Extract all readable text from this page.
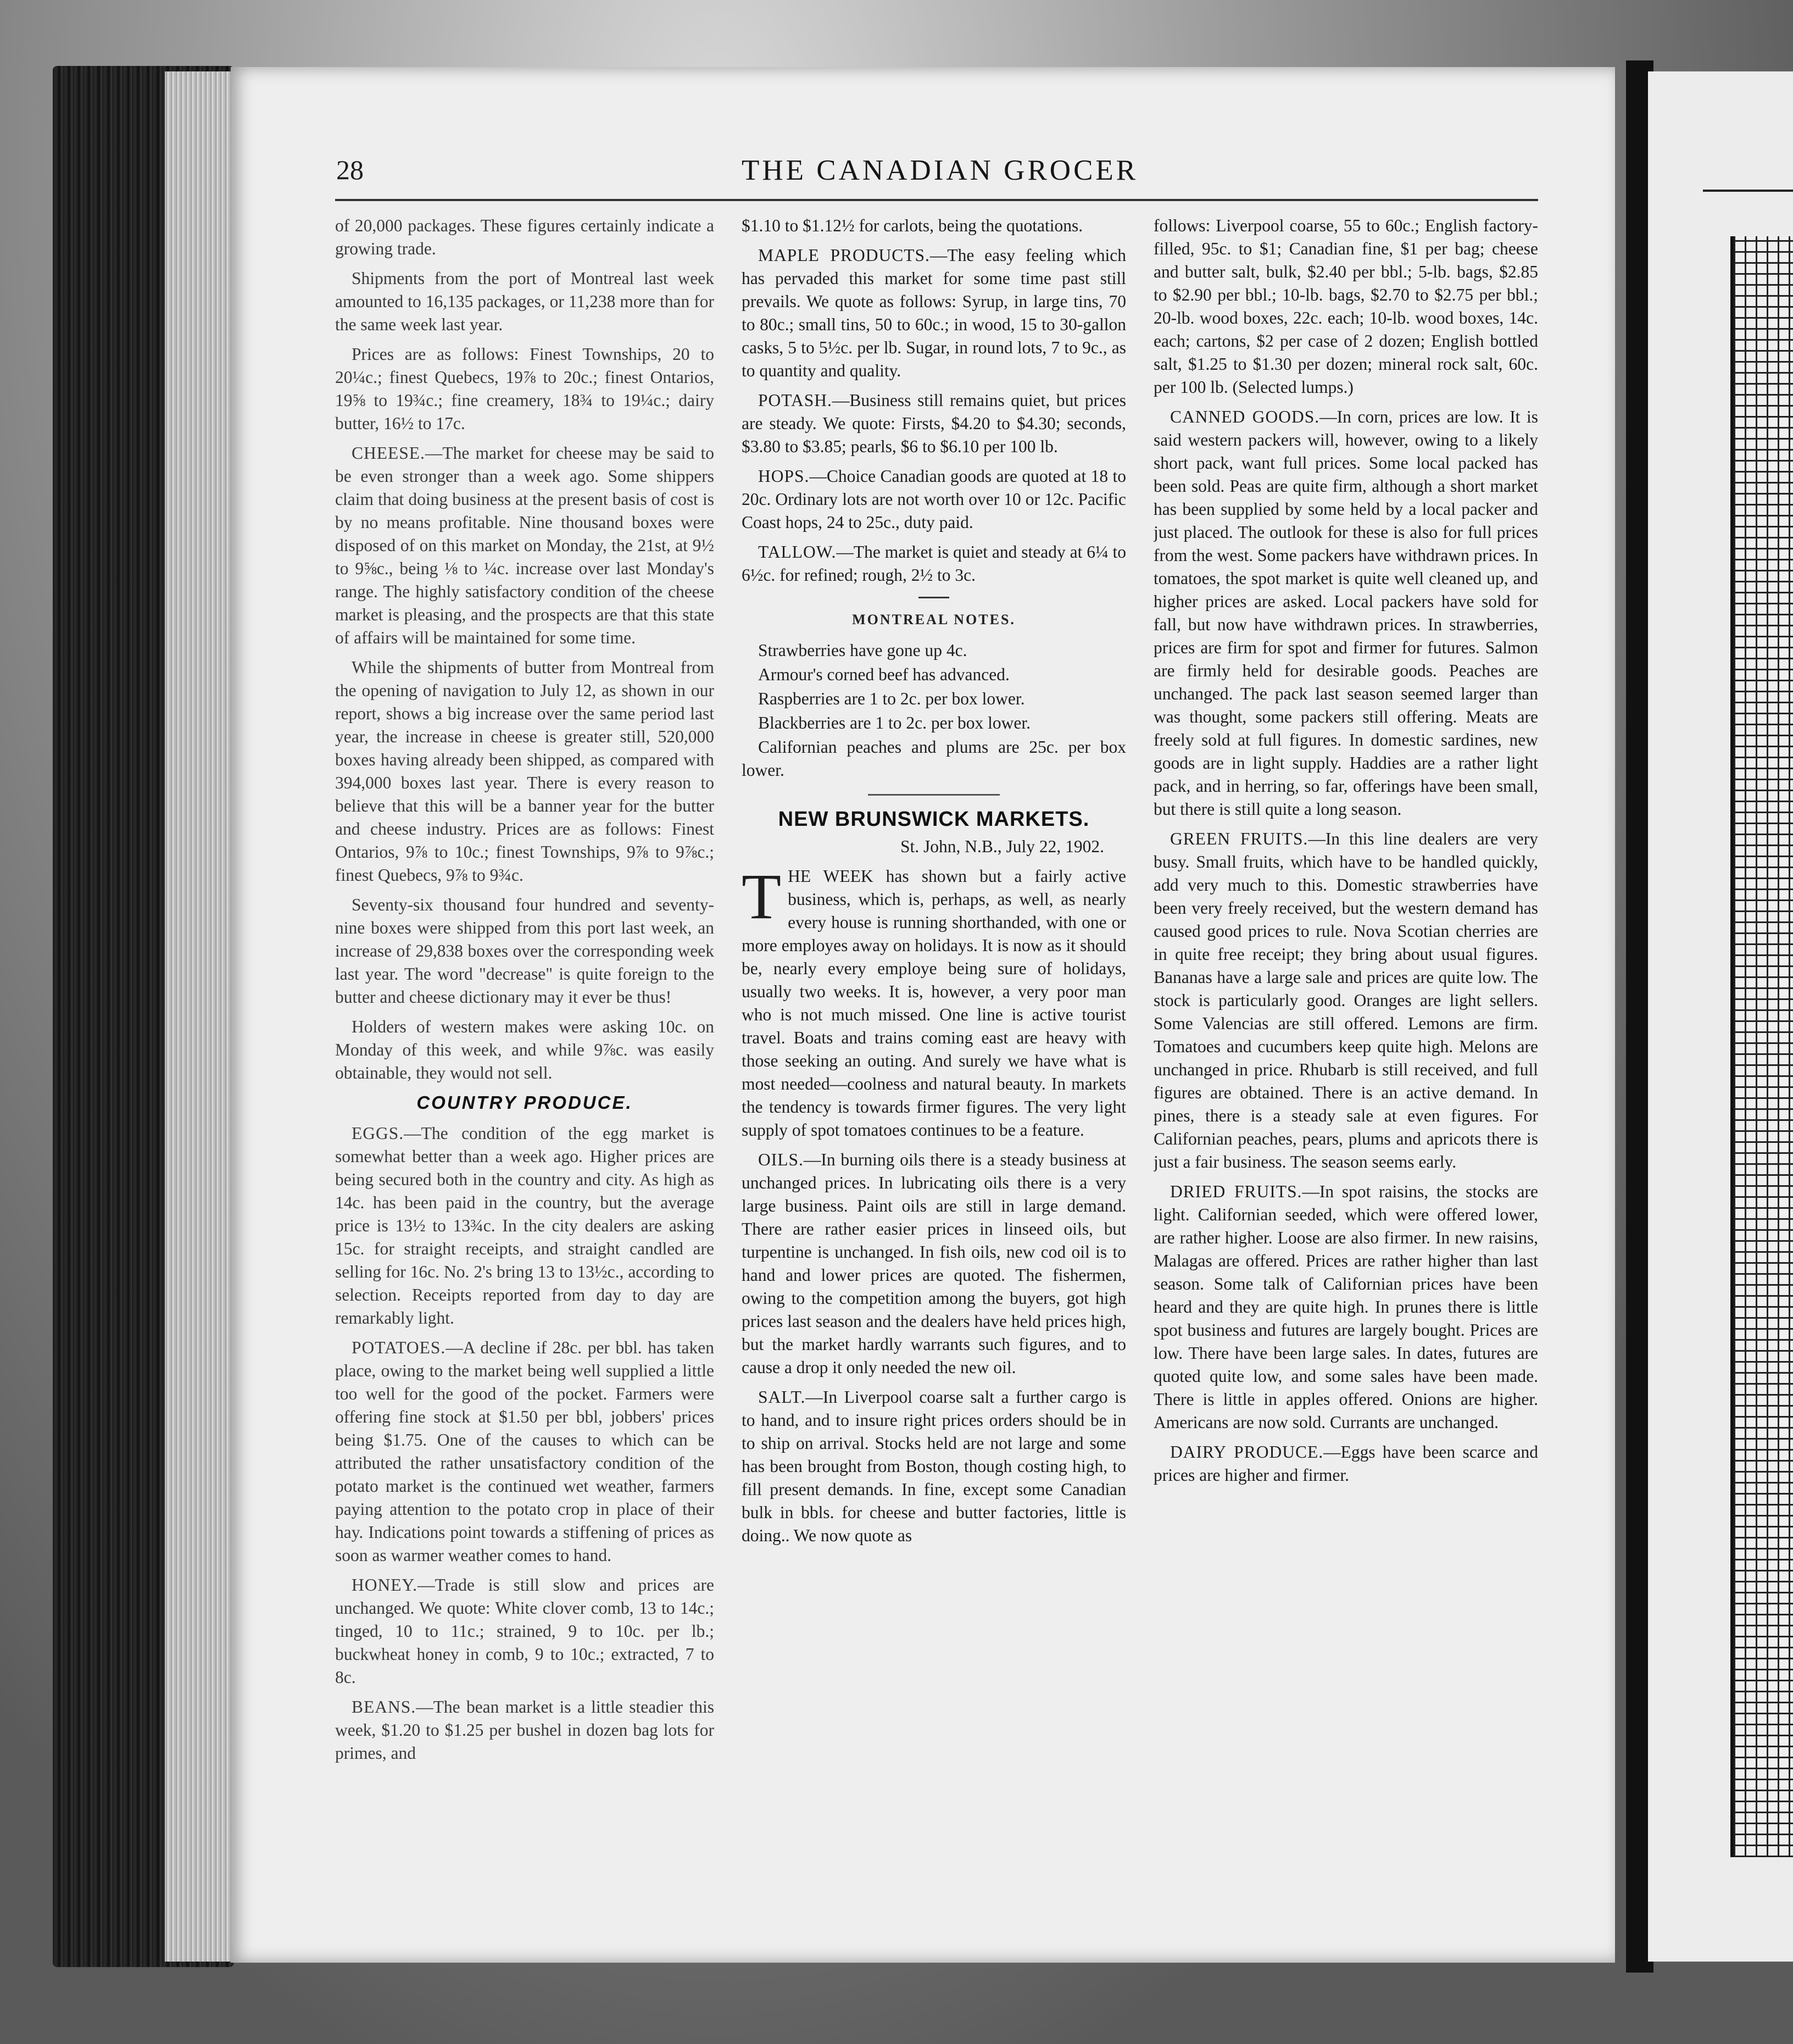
28	THE CANADIAN GROCER

of 20,000 packages. These figures certainly indicate a growing trade.

Shipments from the port of Montreal last week amounted to 16,135 packages, or 11,238 more than for the same week last year.

Prices are as follows: Finest Townships, 20 to 20¼c.; finest Quebecs, 19⅞ to 20c.; finest Ontarios, 19⅝ to 19¾c.; fine creamery, 18¾ to 19¼c.; dairy butter, 16½ to 17c.

CHEESE.—The market for cheese may be said to be even stronger than a week ago. Some shippers claim that doing business at the present basis of cost is by no means profitable. Nine thousand boxes were disposed of on this market on Monday, the 21st, at 9½ to 9⅝c., being ⅛ to ¼c. increase over last Monday's range. The highly satisfactory condition of the cheese market is pleasing, and the prospects are that this state of affairs will be maintained for some time.

While the shipments of butter from Montreal from the opening of navigation to July 12, as shown in our report, shows a big increase over the same period last year, the increase in cheese is greater still, 520,000 boxes having already been shipped, as compared with 394,000 boxes last year. There is every reason to believe that this will be a banner year for the butter and cheese industry. Prices are as follows: Finest Ontarios, 9⅞ to 10c.; finest Townships, 9⅞ to 9⅞c.; finest Quebecs, 9⅞ to 9¾c.

Seventy-six thousand four hundred and seventy-nine boxes were shipped from this port last week, an increase of 29,838 boxes over the corresponding week last year. The word "decrease" is quite foreign to the butter and cheese dictionary may it ever be thus!

Holders of western makes were asking 10c. on Monday of this week, and while 9⅞c. was easily obtainable, they would not sell.

COUNTRY PRODUCE.

EGGS.—The condition of the egg market is somewhat better than a week ago. Higher prices are being secured both in the country and city. As high as 14c. has been paid in the country, but the average price is 13½ to 13¾c. In the city dealers are asking 15c. for straight receipts, and straight candled are selling for 16c. No. 2's bring 13 to 13½c., according to selection. Receipts reported from day to day are remarkably light.

POTATOES.—A decline if 28c. per bbl. has taken place, owing to the market being well supplied a little too well for the good of the pocket. Farmers were offering fine stock at $1.50 per bbl, jobbers' prices being $1.75. One of the causes to which can be attributed the rather unsatisfactory condition of the potato market is the continued wet weather, farmers paying attention to the potato crop in place of their hay. Indications point towards a stiffening of prices as soon as warmer weather comes to hand.

HONEY.—Trade is still slow and prices are unchanged. We quote: White clover comb, 13 to 14c.; tinged, 10 to 11c.; strained, 9 to 10c. per lb.; buckwheat honey in comb, 9 to 10c.; extracted, 7 to 8c.

BEANS.—The bean market is a little steadier this week, $1.20 to $1.25 per bushel in dozen bag lots for primes, and

$1.10 to $1.12½ for carlots, being the quotations.

MAPLE PRODUCTS.—The easy feeling which has pervaded this market for some time past still prevails. We quote as follows: Syrup, in large tins, 70 to 80c.; small tins, 50 to 60c.; in wood, 15 to 30-gallon casks, 5 to 5½c. per lb. Sugar, in round lots, 7 to 9c., as to quantity and quality.

POTASH.—Business still remains quiet, but prices are steady. We quote: Firsts, $4.20 to $4.30; seconds, $3.80 to $3.85; pearls, $6 to $6.10 per 100 lb.

HOPS.—Choice Canadian goods are quoted at 18 to 20c. Ordinary lots are not worth over 10 or 12c. Pacific Coast hops, 24 to 25c., duty paid.

TALLOW.—The market is quiet and steady at 6¼ to 6½c. for refined; rough, 2½ to 3c.

MONTREAL NOTES.

Strawberries have gone up 4c.

Armour's corned beef has advanced.

Raspberries are 1 to 2c. per box lower.

Blackberries are 1 to 2c. per box lower.

Californian peaches and plums are 25c. per box lower.

NEW BRUNSWICK MARKETS.

St. John, N.B., July 22, 1902.

THE WEEK has shown but a fairly active business, which is, perhaps, as well, as nearly every house is running shorthanded, with one or more employes away on holidays. It is now as it should be, nearly every employe being sure of holidays, usually two weeks. It is, however, a very poor man who is not much missed. One line is active tourist travel. Boats and trains coming east are heavy with those seeking an outing. And surely we have what is most needed—coolness and natural beauty. In markets the tendency is towards firmer figures. The very light supply of spot tomatoes continues to be a feature.

OILS.—In burning oils there is a steady business at unchanged prices. In lubricating oils there is a very large business. Paint oils are still in large demand. There are rather easier prices in linseed oils, but turpentine is unchanged. In fish oils, new cod oil is to hand and lower prices are quoted. The fishermen, owing to the competition among the buyers, got high prices last season and the dealers have held prices high, but the market hardly warrants such figures, and to cause a drop it only needed the new oil.

SALT.—In Liverpool coarse salt a further cargo is to hand, and to insure right prices orders should be in to ship on arrival. Stocks held are not large and some has been brought from Boston, though costing high, to fill present demands. In fine, except some Canadian bulk in bbls. for cheese and butter factories, little is doing.. We now quote as

follows: Liverpool coarse, 55 to 60c.; English factory-filled, 95c. to $1; Canadian fine, $1 per bag; cheese and butter salt, bulk, $2.40 per bbl.; 5-lb. bags, $2.85 to $2.90 per bbl.; 10-lb. bags, $2.70 to $2.75 per bbl.; 20-lb. wood boxes, 22c. each; 10-lb. wood boxes, 14c. each; cartons, $2 per case of 2 dozen; English bottled salt, $1.25 to $1.30 per dozen; mineral rock salt, 60c. per 100 lb. (Selected lumps.)

CANNED GOODS.—In corn, prices are low. It is said western packers will, however, owing to a likely short pack, want full prices. Some local packed has been sold. Peas are quite firm, although a short market has been supplied by some held by a local packer and just placed. The outlook for these is also for full prices from the west. Some packers have withdrawn prices. In tomatoes, the spot market is quite well cleaned up, and higher prices are asked. Local packers have sold for fall, but now have withdrawn prices. In strawberries, prices are firm for spot and firmer for futures. Salmon are firmly held for desirable goods. Peaches are unchanged. The pack last season seemed larger than was thought, some packers still offering. Meats are freely sold at full figures. In domestic sardines, new goods are in light supply. Haddies are a rather light pack, and in herring, so far, offerings have been small, but there is still quite a long season.

GREEN FRUITS.—In this line dealers are very busy. Small fruits, which have to be handled quickly, add very much to this. Domestic strawberries have been very freely received, but the western demand has caused good prices to rule. Nova Scotian cherries are in quite free receipt; they bring about usual figures. Bananas have a large sale and prices are quite low. The stock is particularly good. Oranges are light sellers. Some Valencias are still offered. Lemons are firm. Tomatoes and cucumbers keep quite high. Melons are unchanged in price. Rhubarb is still received, and full figures are obtained. There is an active demand. In pines, there is a steady sale at even figures. For Californian peaches, pears, plums and apricots there is just a fair business. The season seems early.

DRIED FRUITS.—In spot raisins, the stocks are light. Californian seeded, which were offered lower, are rather higher. Loose are also firmer. In new raisins, Malagas are offered. Prices are rather higher than last season. Some talk of Californian prices have been heard and they are quite high. In prunes there is little spot business and futures are largely bought. Prices are low. There have been large sales. In dates, futures are quoted quite low, and some sales have been made. There is little in apples offered. Onions are higher. Americans are now sold. Currants are unchanged.

DAIRY PRODUCE.—Eggs have been scarce and prices are higher and firmer.
